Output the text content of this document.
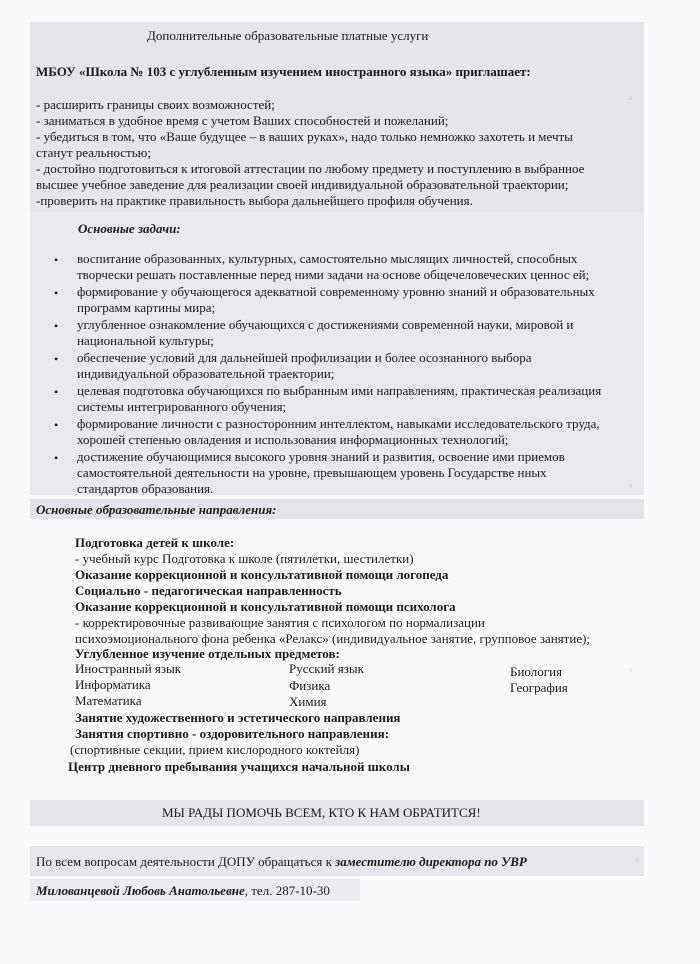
Дополнительные образовательные платные услуги
МБОУ «Школа № 103 с углубленным изучением иностранного языка» приглашает:
- расширить границы своих возможностей;
- заниматься в удобное время с учетом Ваших способностей и пожеланий;
- убедиться в том, что «Ваше будущее – в ваших руках», надо только немножко захотеть и мечты
станут реальностью;
- достойно подготовиться к итоговой аттестации по любому предмету и поступлению в выбранное
высшее учебное заведение для реализации своей индивидуальной образовательной траектории;
-проверить на практике правильность выбора дальнейшего профиля обучения.
Основные задачи:
• воспитание образованных, культурных, самостоятельно мыслящих личностей, способных
творчески решать поставленные перед ними задачи на основе общечеловеческих ценнос ей;
• формирование у обучающегося адекватной современному уровню знаний и образовательных
программ картины мира;
• углубленное ознакомление обучающихся с достижениями современной науки, мировой и
национальной культуры;
• обеспечение условий для дальнейшей профилизации и более осознанного выбора
индивидуальной образовательной траектории;
• целевая подготовка обучающихся по выбранным ими направлениям, практическая реализация
системы интегрированного обучения;
• формирование личности с разносторонним интеллектом, навыками исследовательского труда,
хорошей степенью овладения и использования информационных технологий;
• достижение обучающимися высокого уровня знаний и развития, освоение ими приемов
самостоятельной деятельности на уровне, превышающем уровень Государстве нных
стандартов образования.
Основные образовательные направления:
Подготовка детей к школе:
- учебный курс Подготовка к школе (пятилетки, шестилетки)
Оказание коррекционной и консультативной помощи логопеда
Социально - педагогическая направленность
Оказание коррекционной и консультативной помощи психолога
- корректировочные развивающие занятия с психологом по нормализации
психоэмоционального фона ребенка «Релакс» (индивидуальное занятие, групповое занятие);
Углубленное изучение отдельных предметов:
Иностранный язык
Информатика
Математика
Русский язык
Физика
Химия
Биология
География
Занятие художественного и эстетического направления
Занятия спортивно - оздоровительного направления:
(спортивные секции, прием кислородного коктейля)
Центр дневного пребывания учащихся начальной школы
МЫ РАДЫ ПОМОЧЬ ВСЕМ, КТО К НАМ ОБРАТИТСЯ!
По всем вопросам деятельности ДОПУ обращаться к заместителю директора по УВР
Милованцевой Любовь Анатольевне, тел. 287-10-30
◦
◦
◦
◦
